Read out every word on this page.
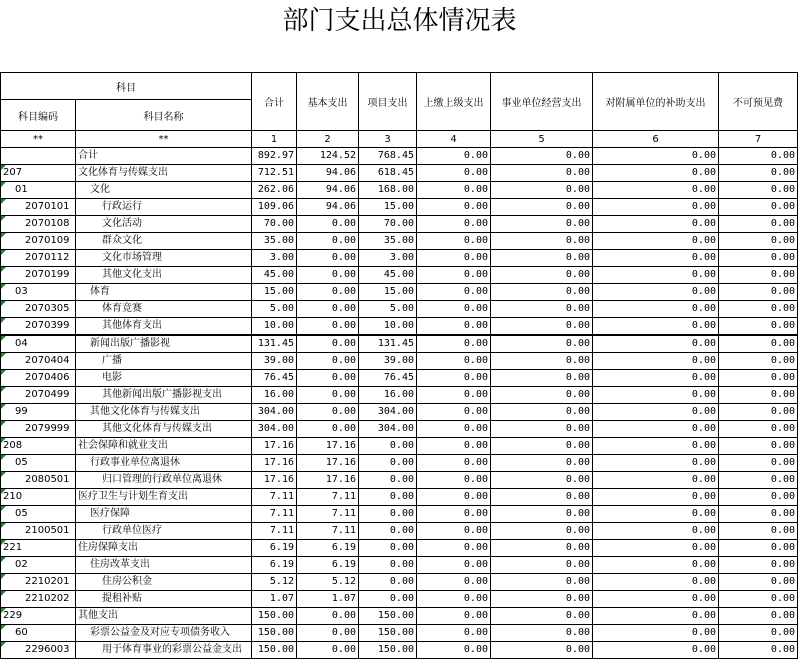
部门支出总体情况表
科目		合计	基本支出	项目支出	上缴上级支出	事业单位经营支出	对附属单位的补助支出	不可预见费
科目编码	科目名称							
**	**	1	2	3	4	5	6	7
	合计	892.97	124.52	768.45	0.00	0.00	0.00	0.00
207	文化体育与传媒支出	712.51	94.06	618.45	0.00	0.00	0.00	0.00
01	文化	262.06	94.06	168.00	0.00	0.00	0.00	0.00
2070101	行政运行	109.06	94.06	15.00	0.00	0.00	0.00	0.00
2070108	文化活动	70.00	0.00	70.00	0.00	0.00	0.00	0.00
2070109	群众文化	35.00	0.00	35.00	0.00	0.00	0.00	0.00
2070112	文化市场管理	3.00	0.00	3.00	0.00	0.00	0.00	0.00
2070199	其他文化支出	45.00	0.00	45.00	0.00	0.00	0.00	0.00
03	体育	15.00	0.00	15.00	0.00	0.00	0.00	0.00
2070305	体育竞赛	5.00	0.00	5.00	0.00	0.00	0.00	0.00
2070399	其他体育支出	10.00	0.00	10.00	0.00	0.00	0.00	0.00
04	新闻出版广播影视	131.45	0.00	131.45	0.00	0.00	0.00	0.00
2070404	广播	39.00	0.00	39.00	0.00	0.00	0.00	0.00
2070406	电影	76.45	0.00	76.45	0.00	0.00	0.00	0.00
2070499	其他新闻出版广播影视支出	16.00	0.00	16.00	0.00	0.00	0.00	0.00
99	其他文化体育与传媒支出	304.00	0.00	304.00	0.00	0.00	0.00	0.00
2079999	其他文化体育与传媒支出	304.00	0.00	304.00	0.00	0.00	0.00	0.00
208	社会保障和就业支出	17.16	17.16	0.00	0.00	0.00	0.00	0.00
05	行政事业单位离退休	17.16	17.16	0.00	0.00	0.00	0.00	0.00
2080501	归口管理的行政单位离退休	17.16	17.16	0.00	0.00	0.00	0.00	0.00
210	医疗卫生与计划生育支出	7.11	7.11	0.00	0.00	0.00	0.00	0.00
05	医疗保障	7.11	7.11	0.00	0.00	0.00	0.00	0.00
2100501	行政单位医疗	7.11	7.11	0.00	0.00	0.00	0.00	0.00
221	住房保障支出	6.19	6.19	0.00	0.00	0.00	0.00	0.00
02	住房改革支出	6.19	6.19	0.00	0.00	0.00	0.00	0.00
2210201	住房公积金	5.12	5.12	0.00	0.00	0.00	0.00	0.00
2210202	提租补贴	1.07	1.07	0.00	0.00	0.00	0.00	0.00
229	其他支出	150.00	0.00	150.00	0.00	0.00	0.00	0.00
60	彩票公益金及对应专项债务收入	150.00	0.00	150.00	0.00	0.00	0.00	0.00
2296003	用于体育事业的彩票公益金支出	150.00	0.00	150.00	0.00	0.00	0.00	0.00
